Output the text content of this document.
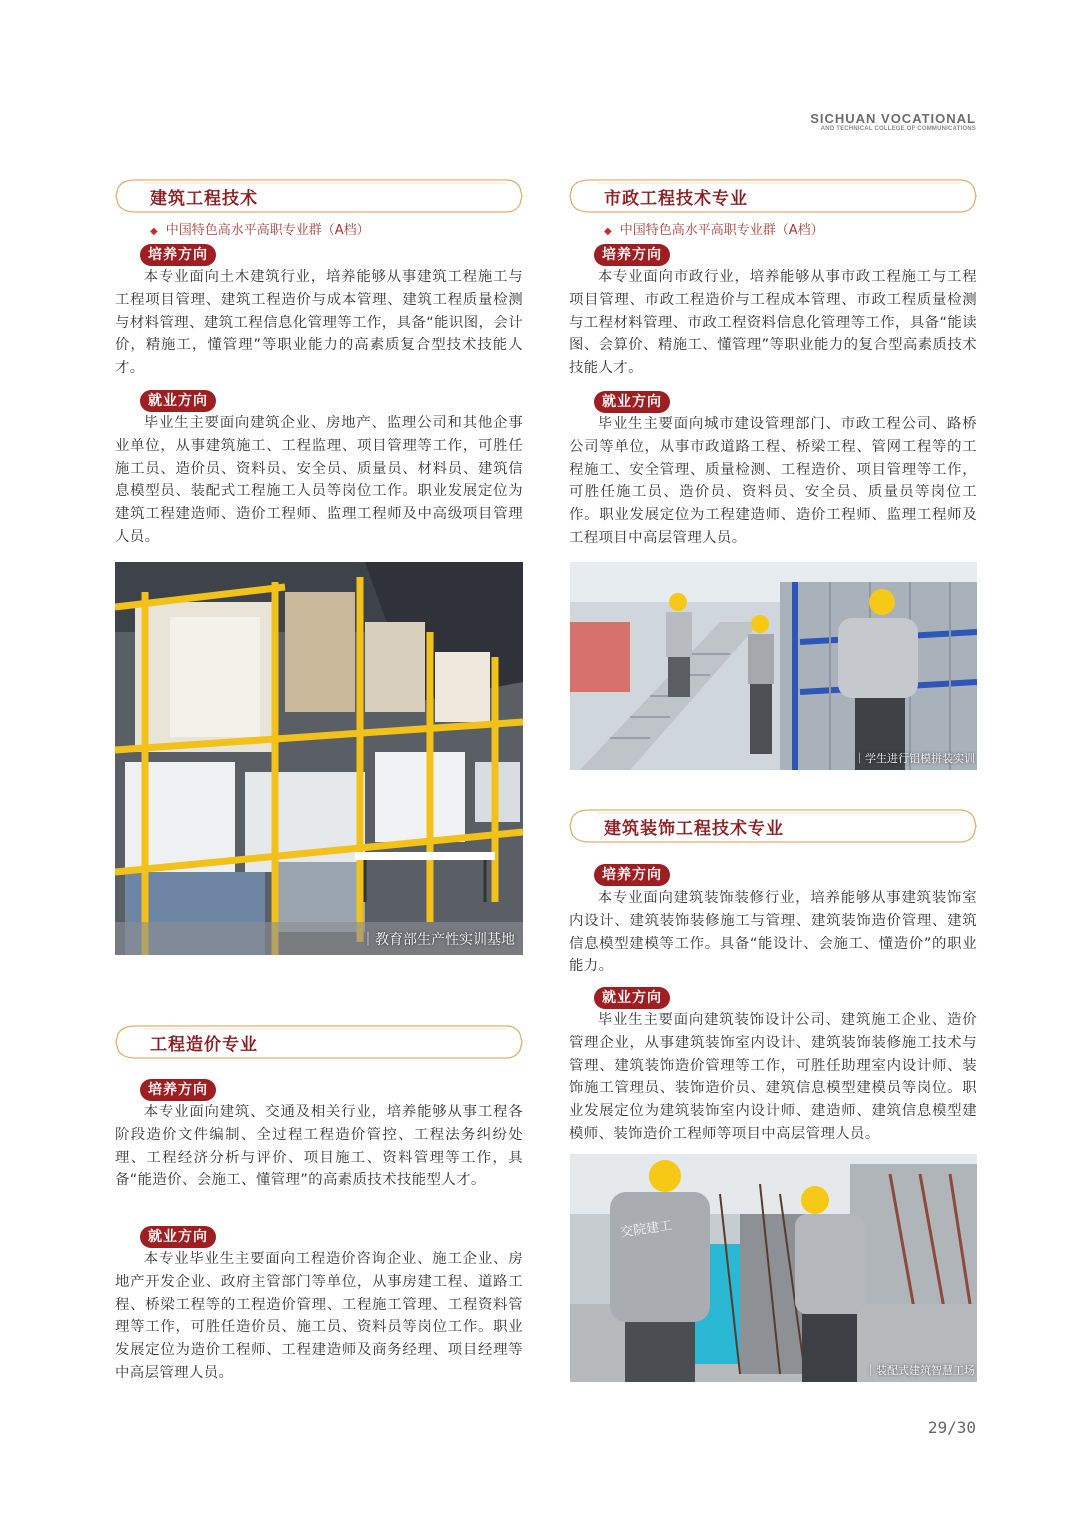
SICHUAN VOCATIONAL
AND TECHNICAL COLLEGE OF COMMUNICATIONS
建筑工程技术
◆ 中国特色高水平高职专业群（A档）
培养方向
本专业面向土木建筑行业，培养能够从事建筑工程施工与工程项目管理、建筑工程造价与成本管理、建筑工程质量检测与材料管理、建筑工程信息化管理等工作，具备“能识图，会计价，精施工，懂管理”等职业能力的高素质复合型技术技能人才。
就业方向
毕业生主要面向建筑企业、房地产、监理公司和其他企事业单位，从事建筑施工、工程监理、项目管理等工作，可胜任施工员、造价员、资料员、安全员、质量员、材料员、建筑信息模型员、装配式工程施工人员等岗位工作。职业发展定位为建筑工程建造师、造价工程师、监理工程师及中高级项目管理人员。
｜教育部生产性实训基地
工程造价专业
培养方向
本专业面向建筑、交通及相关行业，培养能够从事工程各阶段造价文件编制、全过程工程造价管控、工程法务纠纷处理、工程经济分析与评价、项目施工、资料管理等工作，具备“能造价、会施工、懂管理”的高素质技术技能型人才。
就业方向
本专业毕业生主要面向工程造价咨询企业、施工企业、房地产开发企业、政府主管部门等单位，从事房建工程、道路工程、桥梁工程等的工程造价管理、工程施工管理、工程资料管理等工作，可胜任造价员、施工员、资料员等岗位工作。职业发展定位为造价工程师、工程建造师及商务经理、项目经理等中高层管理人员。
市政工程技术专业
◆ 中国特色高水平高职专业群（A档）
培养方向
本专业面向市政行业，培养能够从事市政工程施工与工程项目管理、市政工程造价与工程成本管理、市政工程质量检测与工程材料管理、市政工程资料信息化管理等工作，具备“能读图、会算价、精施工、懂管理”等职业能力的复合型高素质技术技能人才。
就业方向
毕业生主要面向城市建设管理部门、市政工程公司、路桥公司等单位，从事市政道路工程、桥梁工程、管网工程等的工程施工、安全管理、质量检测、工程造价、项目管理等工作，可胜任施工员、造价员、资料员、安全员、质量员等岗位工作。职业发展定位为工程建造师、造价工程师、监理工程师及工程项目中高层管理人员。
｜学生进行铝模拼装实训
建筑装饰工程技术专业
培养方向
本专业面向建筑装饰装修行业，培养能够从事建筑装饰室内设计、建筑装饰装修施工与管理、建筑装饰造价管理、建筑信息模型建模等工作。具备“能设计、会施工、懂造价”的职业能力。
就业方向
毕业生主要面向建筑装饰设计公司、建筑施工企业、造价管理企业，从事建筑装饰室内设计、建筑装饰装修施工技术与管理、建筑装饰造价管理等工作，可胜任助理室内设计师、装饰施工管理员、装饰造价员、建筑信息模型建模员等岗位。职业发展定位为建筑装饰室内设计师、建造师、建筑信息模型建模师、装饰造价工程师等项目中高层管理人员。
交院建工
｜装配式建筑智慧工场
29/30
